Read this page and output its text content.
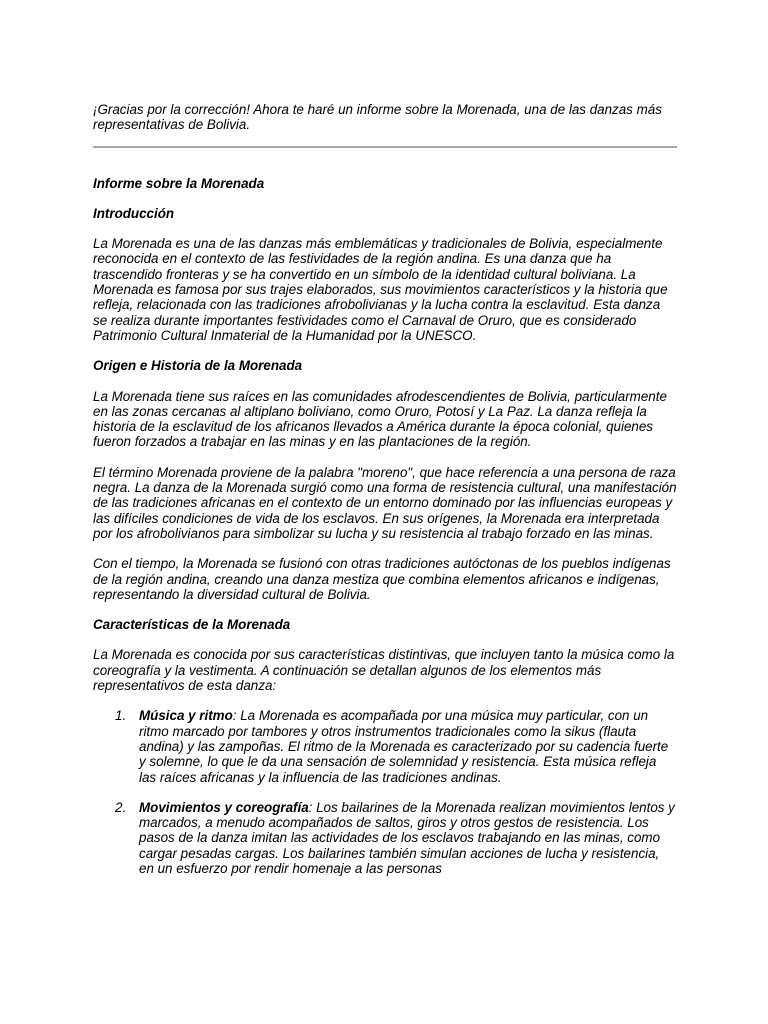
¡Gracias por la corrección! Ahora te haré un informe sobre la Morenada, una de las danzas más representativas de Bolivia.

Informe sobre la Morenada

Introducción

La Morenada es una de las danzas más emblemáticas y tradicionales de Bolivia, especialmente reconocida en el contexto de las festividades de la región andina. Es una danza que ha trascendido fronteras y se ha convertido en un símbolo de la identidad cultural boliviana. La Morenada es famosa por sus trajes elaborados, sus movimientos característicos y la historia que refleja, relacionada con las tradiciones afrobolivianas y la lucha contra la esclavitud. Esta danza se realiza durante importantes festividades como el Carnaval de Oruro, que es considerado Patrimonio Cultural Inmaterial de la Humanidad por la UNESCO.

Origen e Historia de la Morenada

La Morenada tiene sus raíces en las comunidades afrodescendientes de Bolivia, particularmente en las zonas cercanas al altiplano boliviano, como Oruro, Potosí y La Paz. La danza refleja la historia de la esclavitud de los africanos llevados a América durante la época colonial, quienes fueron forzados a trabajar en las minas y en las plantaciones de la región.

El término Morenada proviene de la palabra "moreno", que hace referencia a una persona de raza negra. La danza de la Morenada surgió como una forma de resistencia cultural, una manifestación de las tradiciones africanas en el contexto de un entorno dominado por las influencias europeas y las difíciles condiciones de vida de los esclavos. En sus orígenes, la Morenada era interpretada por los afrobolivianos para simbolizar su lucha y su resistencia al trabajo forzado en las minas.

Con el tiempo, la Morenada se fusionó con otras tradiciones autóctonas de los pueblos indígenas de la región andina, creando una danza mestiza que combina elementos africanos e indígenas, representando la diversidad cultural de Bolivia.

Características de la Morenada

La Morenada es conocida por sus características distintivas, que incluyen tanto la música como la coreografía y la vestimenta. A continuación se detallan algunos de los elementos más representativos de esta danza:

1. Música y ritmo: La Morenada es acompañada por una música muy particular, con un ritmo marcado por tambores y otros instrumentos tradicionales como la sikus (flauta andina) y las zampoñas. El ritmo de la Morenada es caracterizado por su cadencia fuerte y solemne, lo que le da una sensación de solemnidad y resistencia. Esta música refleja las raíces africanas y la influencia de las tradiciones andinas.
2. Movimientos y coreografía: Los bailarines de la Morenada realizan movimientos lentos y marcados, a menudo acompañados de saltos, giros y otros gestos de resistencia. Los pasos de la danza imitan las actividades de los esclavos trabajando en las minas, como cargar pesadas cargas. Los bailarines también simulan acciones de lucha y resistencia, en un esfuerzo por rendir homenaje a las personas
